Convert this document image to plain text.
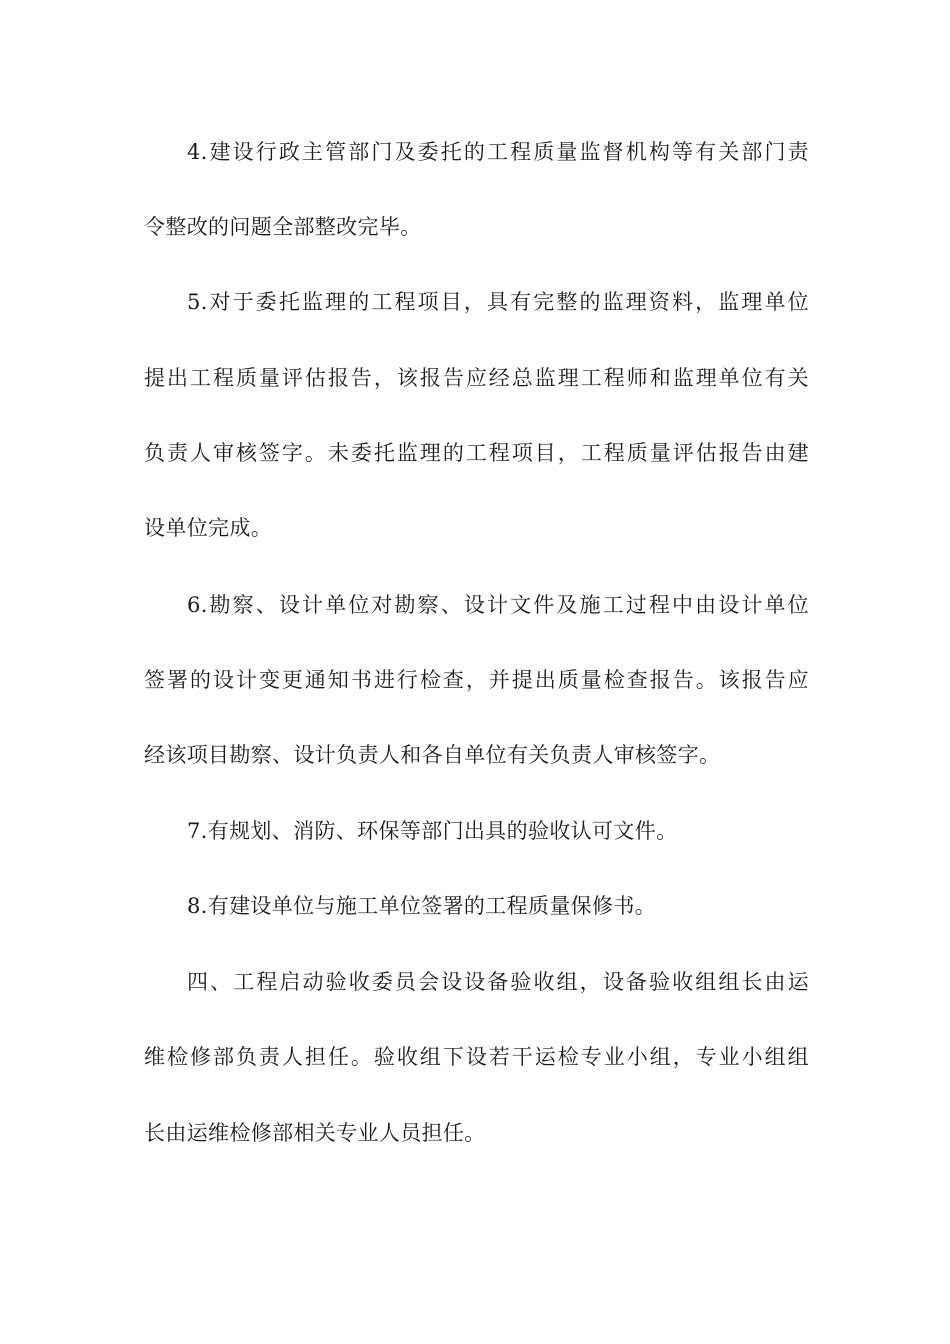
4.建设行政主管部门及委托的工程质量监督机构等有关部门责
令整改的问题全部整改完毕。
5.对于委托监理的工程项目，具有完整的监理资料，监理单位
提出工程质量评估报告，该报告应经总监理工程师和监理单位有关
负责人审核签字。未委托监理的工程项目，工程质量评估报告由建
设单位完成。
6.勘察、设计单位对勘察、设计文件及施工过程中由设计单位
签署的设计变更通知书进行检查，并提出质量检查报告。该报告应
经该项目勘察、设计负责人和各自单位有关负责人审核签字。
7.有规划、消防、环保等部门出具的验收认可文件。
8.有建设单位与施工单位签署的工程质量保修书。
四、工程启动验收委员会设设备验收组，设备验收组组长由运
维检修部负责人担任。验收组下设若干运检专业小组，专业小组组
长由运维检修部相关专业人员担任。
